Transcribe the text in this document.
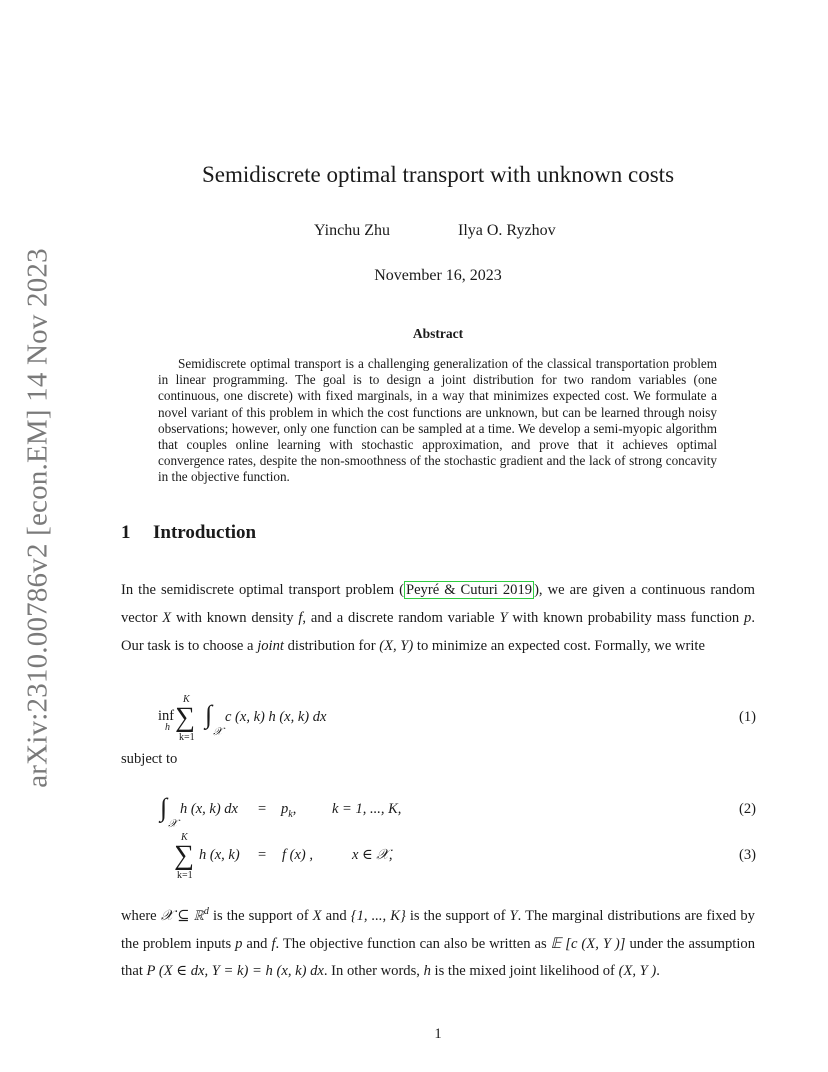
arXiv:2310.00786v2 [econ.EM] 14 Nov 2023
Semidiscrete optimal transport with unknown costs
Yinchu Zhu	Ilya O. Ryzhov
November 16, 2023
Abstract
Semidiscrete optimal transport is a challenging generalization of the classical transportation problem in linear programming. The goal is to design a joint distribution for two random variables (one continuous, one discrete) with fixed marginals, in a way that minimizes expected cost. We formulate a novel variant of this problem in which the cost functions are unknown, but can be learned through noisy observations; however, only one function can be sampled at a time. We develop a semi-myopic algorithm that couples online learning with stochastic approximation, and prove that it achieves optimal convergence rates, despite the non-smoothness of the stochastic gradient and the lack of strong concavity in the objective function.
1 Introduction
In the semidiscrete optimal transport problem ( Peyré & Cuturi 2019 ), we are given a continuous random vector X with known density f, and a discrete random variable Y with known probability mass function p. Our task is to choose a joint distribution for (X, Y) to minimize an expected cost. Formally, we write
inf
h
K
∑
k=1
∫
𝒳
c (x, k) h (x, k) dx	(1)
subject to
∫
𝒳
h (x, k) dx = $p_k$, k = 1, ..., K,	(2)
K
∑
k=1
h (x, k) = f (x) ,	x ∈ 𝒳,	(3)
where 𝒳 ⊆ ℝ$^d$ is the support of X and {1, ..., K} is the support of Y. The marginal distributions are fixed by the problem inputs p and f. The objective function can also be written as 𝔼 [c (X, Y )] under the assumption that P (X ∈ dx, Y = k) = h (x, k) dx. In other words, h is the mixed joint likelihood of (X, Y ).
1
